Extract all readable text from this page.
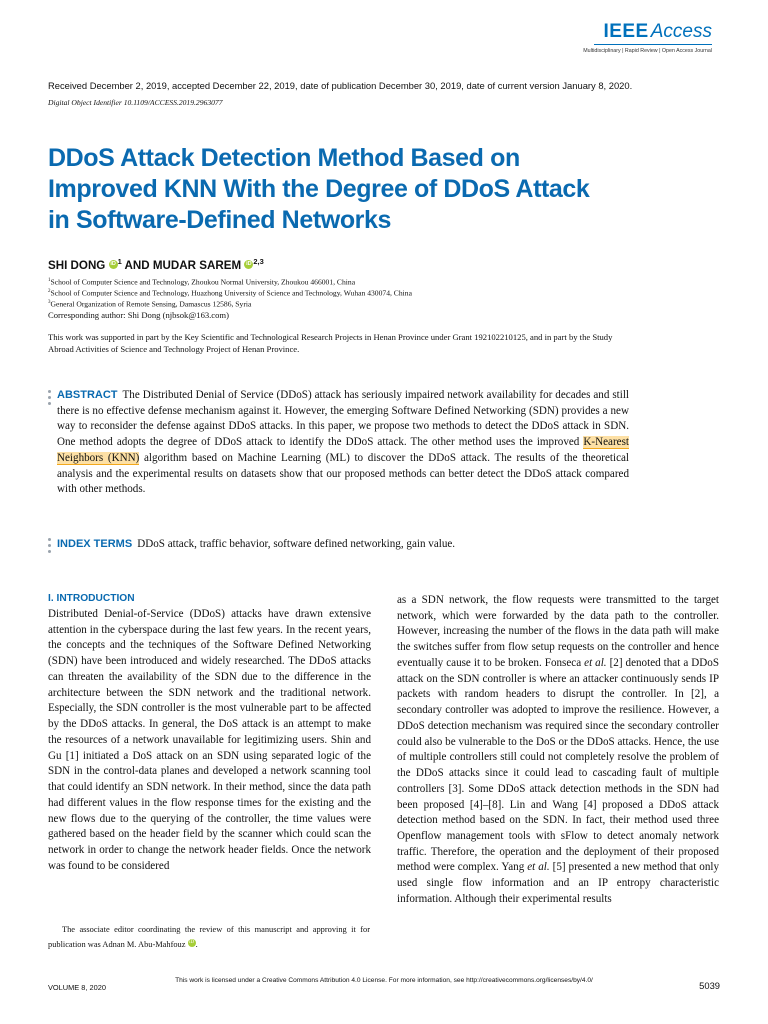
IEEE Access
Multidisciplinary | Rapid Review | Open Access Journal
Received December 2, 2019, accepted December 22, 2019, date of publication December 30, 2019, date of current version January 8, 2020.
Digital Object Identifier 10.1109/ACCESS.2019.2963077
DDoS Attack Detection Method Based on Improved KNN With the Degree of DDoS Attack in Software-Defined Networks
SHI DONG iD $^1$ AND MUDAR SAREM iD $^{2,3}$
$^1$School of Computer Science and Technology, Zhoukou Normal University, Zhoukou 466001, China
$^2$School of Computer Science and Technology, Huazhong University of Science and Technology, Wuhan 430074, China
$^3$General Organization of Remote Sensing, Damascus 12586, Syria
Corresponding author: Shi Dong (njbsok@163.com)
This work was supported in part by the Key Scientific and Technological Research Projects in Henan Province under Grant 192102210125, and in part by the Study Abroad Activities of Science and Technology Project of Henan Province.
ABSTRACT The Distributed Denial of Service (DDoS) attack has seriously impaired network availability for decades and still there is no effective defense mechanism against it. However, the emerging Software Defined Networking (SDN) provides a new way to reconsider the defense against DDoS attacks. In this paper, we propose two methods to detect the DDoS attack in SDN. One method adopts the degree of DDoS attack to identify the DDoS attack. The other method uses the improved K-Nearest Neighbors (KNN) algorithm based on Machine Learning (ML) to discover the DDoS attack. The results of the theoretical analysis and the experimental results on datasets show that our proposed methods can better detect the DDoS attack compared with other methods.
INDEX TERMS DDoS attack, traffic behavior, software defined networking, gain value.
I. INTRODUCTION

Distributed Denial-of-Service (DDoS) attacks have drawn extensive attention in the cyberspace during the last few years. In the recent years, the concepts and the techniques of the Software Defined Networking (SDN) have been introduced and widely researched. The DDoS attacks can threaten the availability of the SDN due to the difference in the architecture between the SDN network and the traditional network. Especially, the SDN controller is the most vulnerable part to be affected by the DDoS attacks. In general, the DoS attack is an attempt to make the resources of a network unavailable for legitimizing users. Shin and Gu [1] initiated a DoS attack on an SDN using separated logic of the SDN in the control-data planes and developed a network scanning tool that could identify an SDN network. In their method, since the data path had different values in the flow response times for the existing and the new flows due to the querying of the controller, the time values were gathered based on the header field by the scanner which could scan the network in order to change the network header fields. Once the network was found to be considered

as a SDN network, the flow requests were transmitted to the target network, which were forwarded by the data path to the controller. However, increasing the number of the flows in the data path will make the switches suffer from flow setup requests on the controller and hence eventually cause it to be broken. Fonseca et al. [2] denoted that a DDoS attack on the SDN controller is where an attacker continuously sends IP packets with random headers to disrupt the controller. In [2], a secondary controller was adopted to improve the resilience. However, a DDoS detection mechanism was required since the secondary controller could also be vulnerable to the DoS or the DDoS attacks. Hence, the use of multiple controllers still could not completely resolve the problem of the DDoS attacks since it could lead to cascading fault of multiple controllers [3]. Some DDoS attack detection methods in the SDN had been proposed [4]–[8]. Lin and Wang [4] proposed a DDoS attack detection method based on the SDN. In fact, their method used three Openflow management tools with sFlow to detect anomaly network traffic. Therefore, the operation and the deployment of their proposed method were complex. Yang et al. [5] presented a new method that only used single flow information and an IP entropy characteristic information. Although their experimental results

The associate editor coordinating the review of this manuscript and approving it for publication was Adnan M. Abu-Mahfouz iD .
This work is licensed under a Creative Commons Attribution 4.0 License. For more information, see http://creativecommons.org/licenses/by/4.0/
VOLUME 8, 2020	5039
